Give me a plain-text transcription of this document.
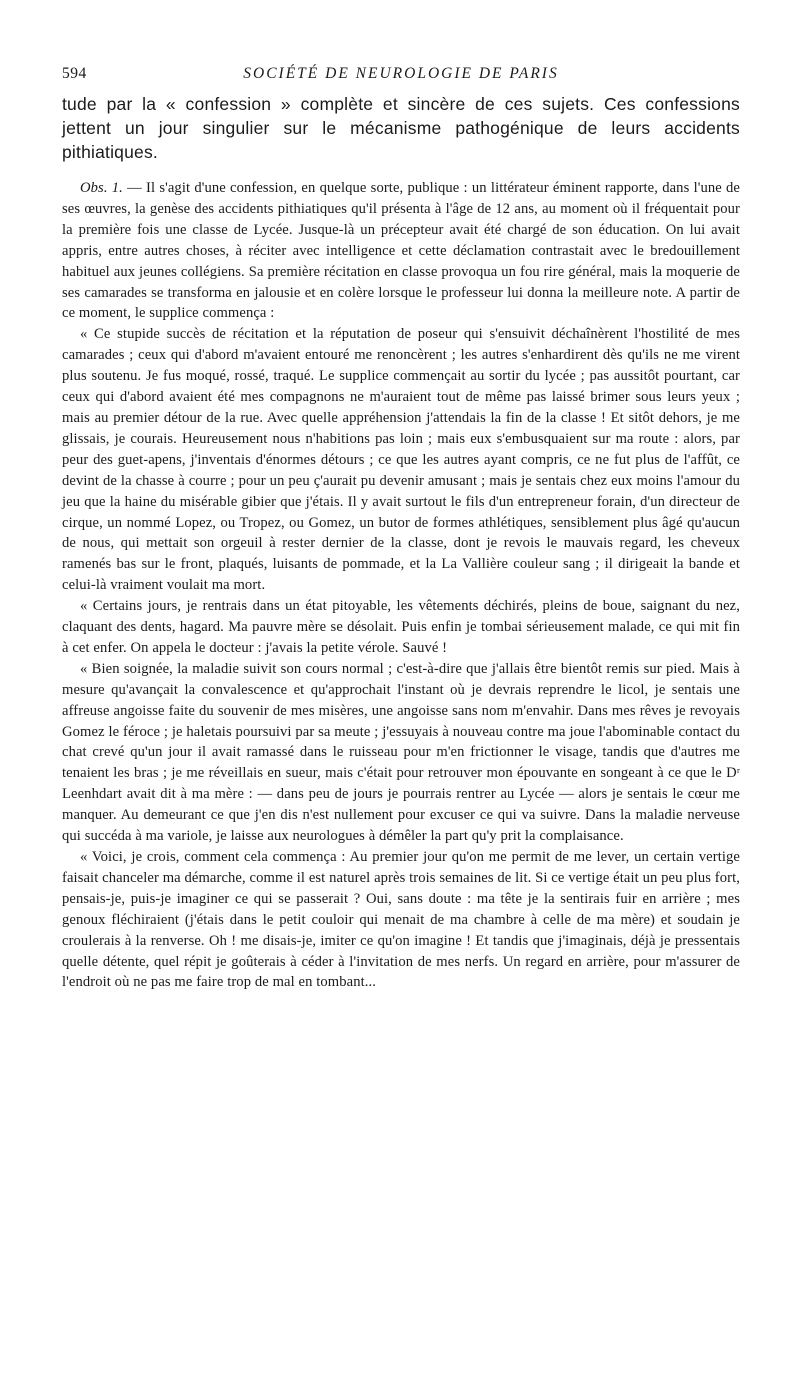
594	SOCIÉTÉ DE NEUROLOGIE DE PARIS

tude par la « confession » complète et sincère de ces sujets. Ces confessions jettent un jour singulier sur le mécanisme pathogénique de leurs accidents pithiatiques.

Obs. 1. — Il s'agit d'une confession, en quelque sorte, publique : un littérateur éminent rapporte, dans l'une de ses œuvres, la genèse des accidents pithiatiques qu'il présenta à l'âge de 12 ans, au moment où il fréquentait pour la première fois une classe de Lycée. Jusque-là un précepteur avait été chargé de son éducation. On lui avait appris, entre autres choses, à réciter avec intelligence et cette déclamation contrastait avec le bredouillement habituel aux jeunes collégiens. Sa première récitation en classe provoqua un fou rire général, mais la moquerie de ses camarades se transforma en jalousie et en colère lorsque le professeur lui donna la meilleure note. A partir de ce moment, le supplice commença :

« Ce stupide succès de récitation et la réputation de poseur qui s'ensuivit déchaînèrent l'hostilité de mes camarades ; ceux qui d'abord m'avaient entouré me renoncèrent ; les autres s'enhardirent dès qu'ils ne me virent plus soutenu. Je fus moqué, rossé, traqué. Le supplice commençait au sortir du lycée ; pas aussitôt pourtant, car ceux qui d'abord avaient été mes compagnons ne m'auraient tout de même pas laissé brimer sous leurs yeux ; mais au premier détour de la rue. Avec quelle appréhension j'attendais la fin de la classe ! Et sitôt dehors, je me glissais, je courais. Heureusement nous n'habitions pas loin ; mais eux s'embusquaient sur ma route : alors, par peur des guet-apens, j'inventais d'énormes détours ; ce que les autres ayant compris, ce ne fut plus de l'affût, ce devint de la chasse à courre ; pour un peu ç'aurait pu devenir amusant ; mais je sentais chez eux moins l'amour du jeu que la haine du misérable gibier que j'étais. Il y avait surtout le fils d'un entrepreneur forain, d'un directeur de cirque, un nommé Lopez, ou Tropez, ou Gomez, un butor de formes athlétiques, sensiblement plus âgé qu'aucun de nous, qui mettait son orgeuil à rester dernier de la classe, dont je revois le mauvais regard, les cheveux ramenés bas sur le front, plaqués, luisants de pommade, et la La Vallière couleur sang ; il dirigeait la bande et celui-là vraiment voulait ma mort.

« Certains jours, je rentrais dans un état pitoyable, les vêtements déchirés, pleins de boue, saignant du nez, claquant des dents, hagard. Ma pauvre mère se désolait. Puis enfin je tombai sérieusement malade, ce qui mit fin à cet enfer. On appela le docteur : j'avais la petite vérole. Sauvé !

« Bien soignée, la maladie suivit son cours normal ; c'est-à-dire que j'allais être bientôt remis sur pied. Mais à mesure qu'avançait la convalescence et qu'approchait l'instant où je devrais reprendre le licol, je sentais une affreuse angoisse faite du souvenir de mes misères, une angoisse sans nom m'envahir. Dans mes rêves je revoyais Gomez le féroce ; je haletais poursuivi par sa meute ; j'essuyais à nouveau contre ma joue l'abominable contact du chat crevé qu'un jour il avait ramassé dans le ruisseau pour m'en frictionner le visage, tandis que d'autres me tenaient les bras ; je me réveillais en sueur, mais c'était pour retrouver mon épouvante en songeant à ce que le Dʳ Leenhdart avait dit à ma mère : — dans peu de jours je pourrais rentrer au Lycée — alors je sentais le cœur me manquer. Au demeurant ce que j'en dis n'est nullement pour excuser ce qui va suivre. Dans la maladie nerveuse qui succéda à ma variole, je laisse aux neurologues à démêler la part qu'y prit la complaisance.

« Voici, je crois, comment cela commença : Au premier jour qu'on me permit de me lever, un certain vertige faisait chanceler ma démarche, comme il est naturel après trois semaines de lit. Si ce vertige était un peu plus fort, pensais-je, puis-je imaginer ce qui se passerait ? Oui, sans doute : ma tête je la sentirais fuir en arrière ; mes genoux fléchiraient (j'étais dans le petit couloir qui menait de ma chambre à celle de ma mère) et soudain je croulerais à la renverse. Oh ! me disais-je, imiter ce qu'on imagine ! Et tandis que j'imaginais, déjà je pressentais quelle détente, quel répit je goûterais à céder à l'invitation de mes nerfs. Un regard en arrière, pour m'assurer de l'endroit où ne pas me faire trop de mal en tombant...
